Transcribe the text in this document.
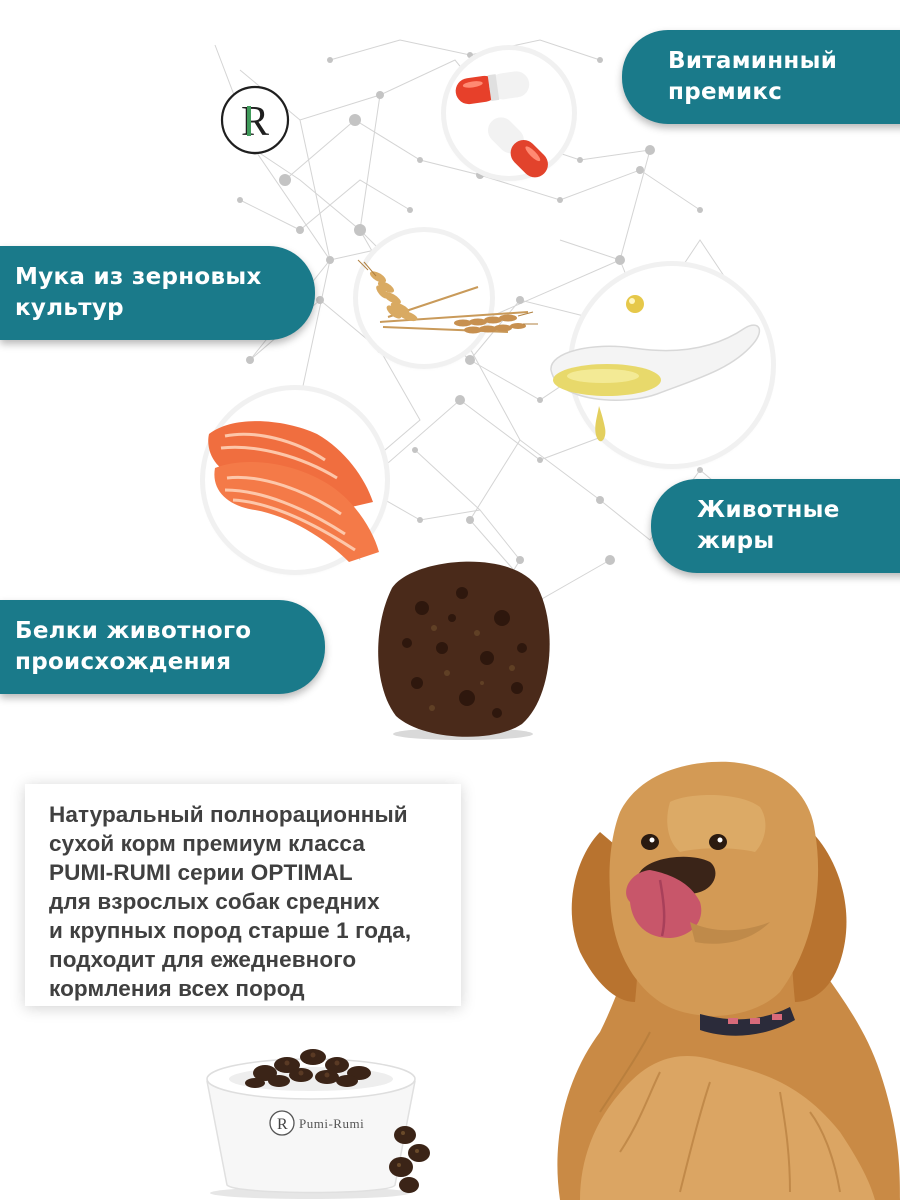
R
Витаминный
премикс
Мука из зерновых
культур
Животные
жиры
Белки животного
происхождения
Натуральный полнорационный
сухой корм премиум класса
PUMI-RUMI серии OPTIMAL
для взрослых собак средних
и крупных пород старше 1 года,
подходит для ежедневного
кормления всех пород
R Pumi-Rumi
